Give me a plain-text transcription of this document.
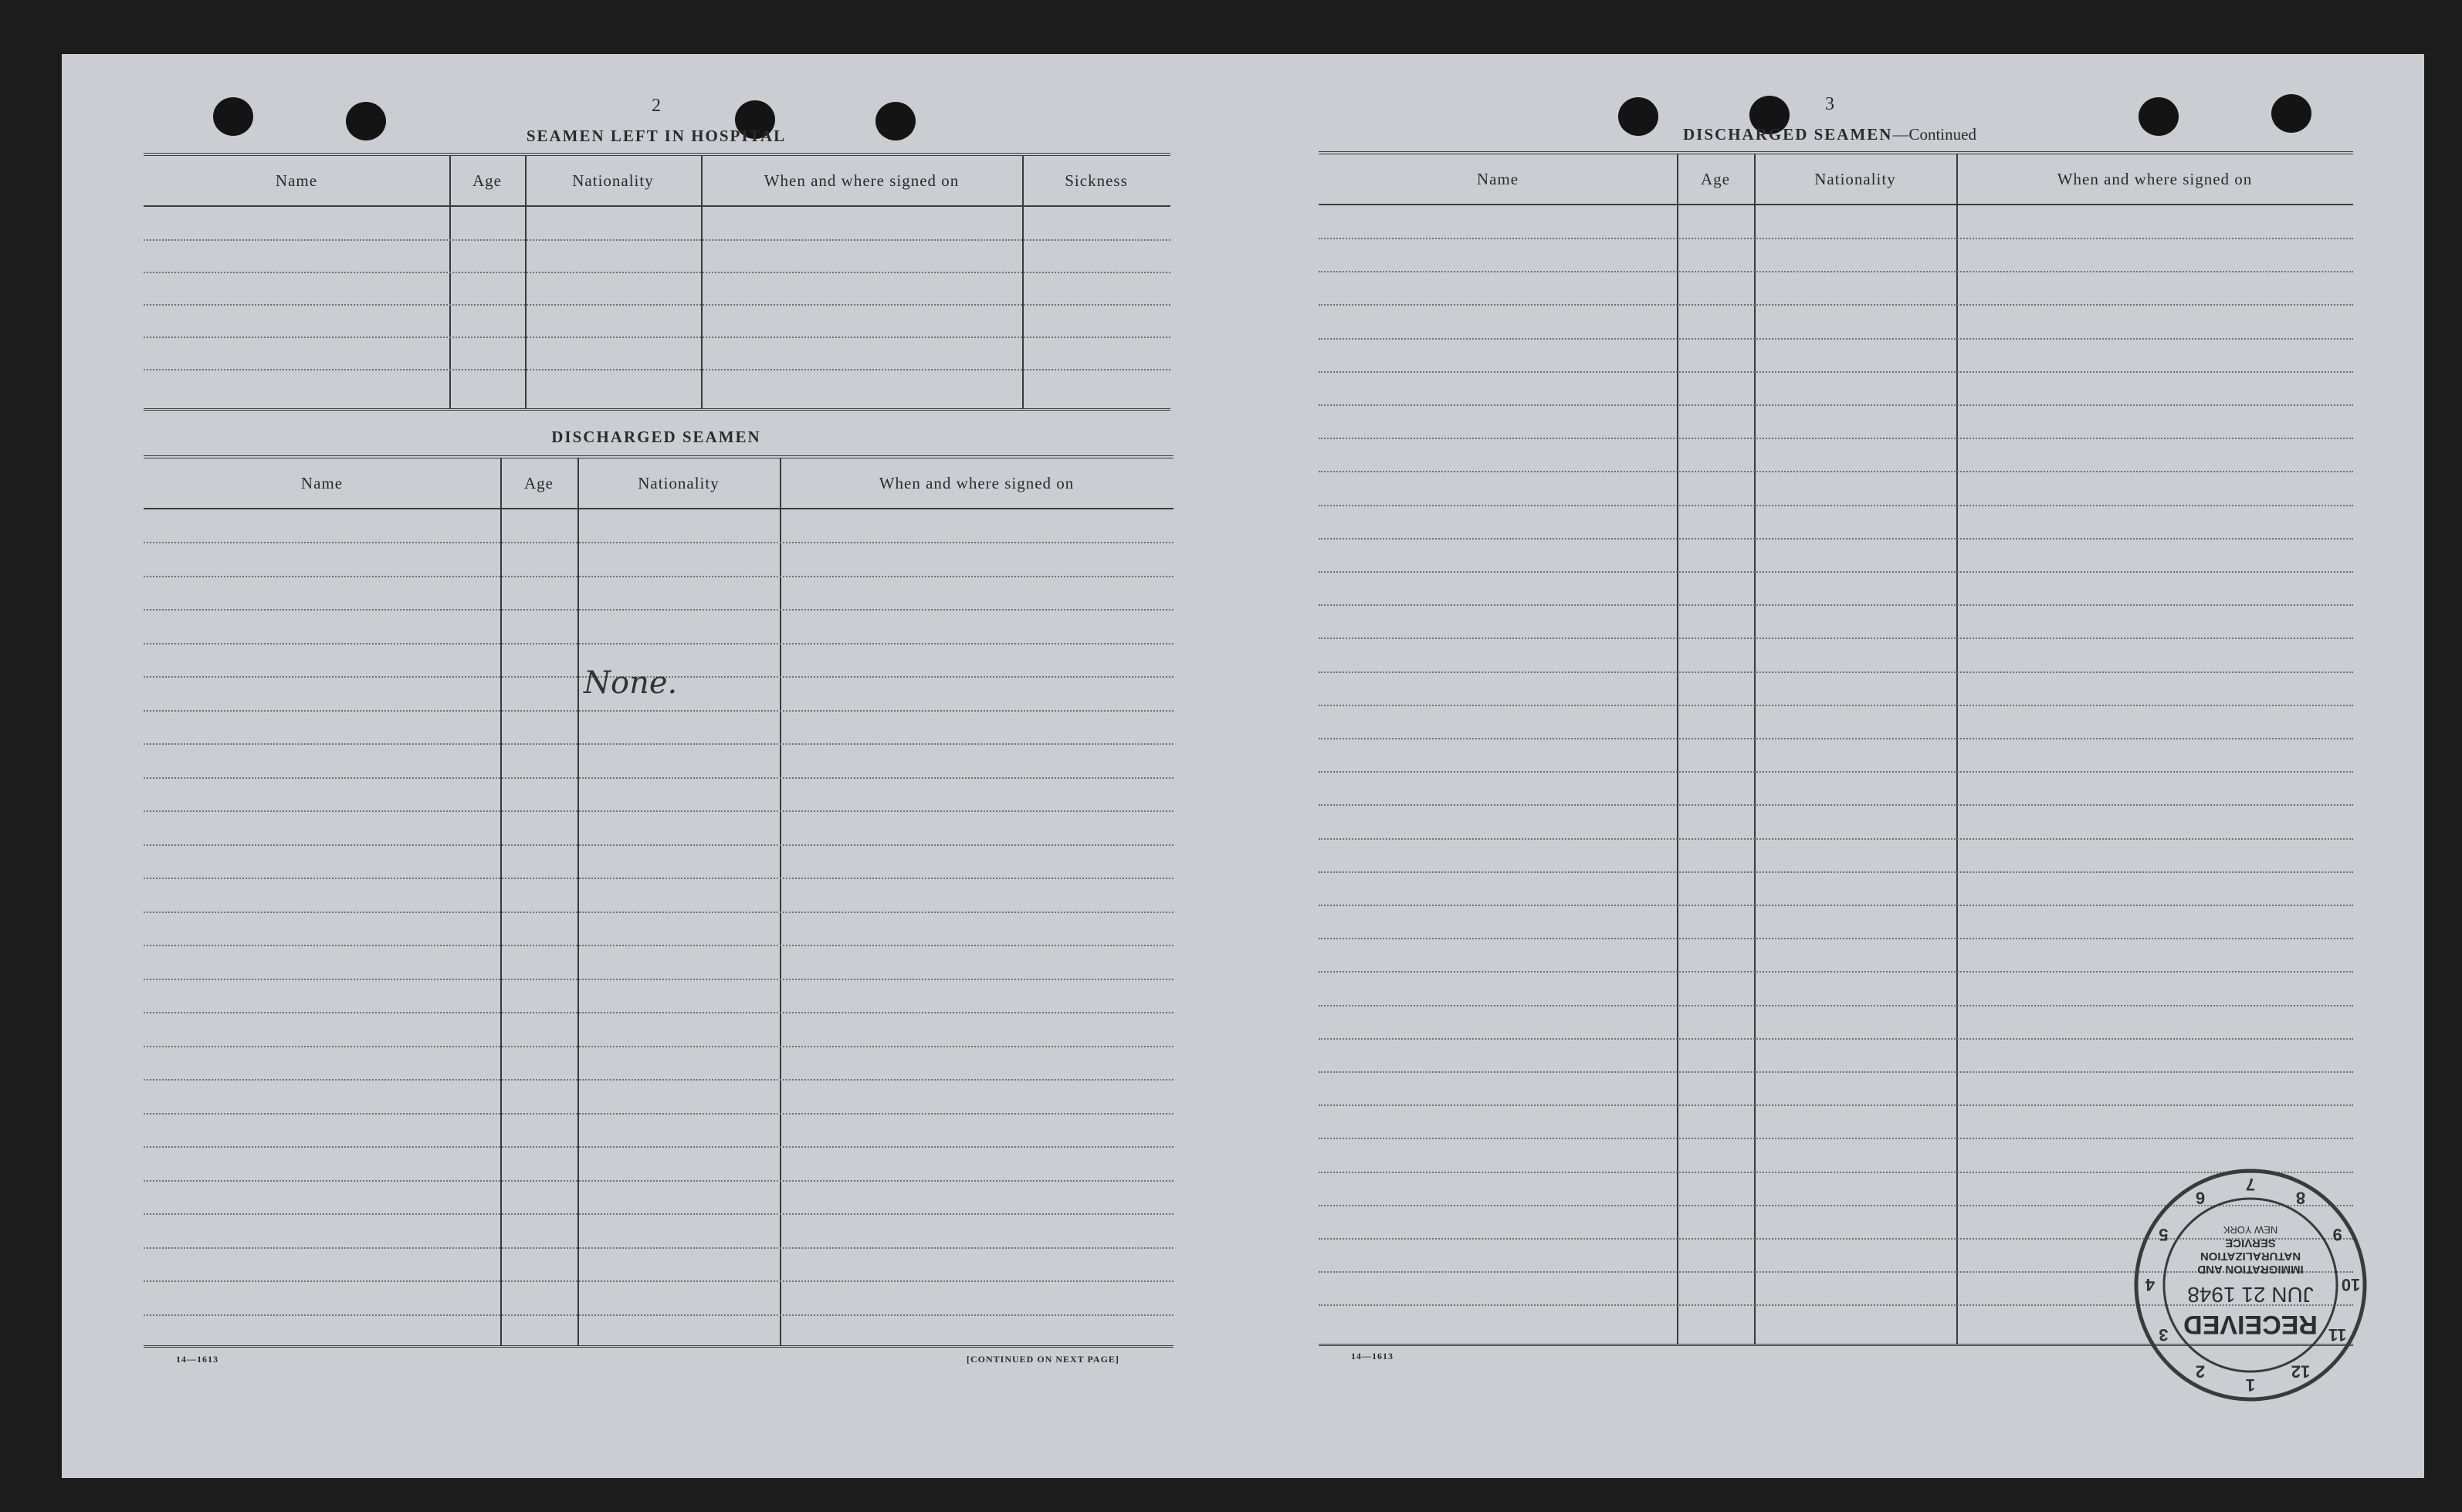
2
SEAMEN LEFT IN HOSPITAL
Name	Age	Nationality	When and where signed on	Sickness
DISCHARGED SEAMEN
Name	Age	Nationality	When and where signed on
None.
14—1613	[CONTINUED ON NEXT PAGE]
3
DISCHARGED SEAMEN—Continued
Name	Age	Nationality	When and where signed on
14—1613
1
2
3
4
5
6
7
8
9
10
11
12
RECEIVED
JUN 21 1948
IMMIGRATION AND
NATURALIZATION
SERVICE
NEW YORK
